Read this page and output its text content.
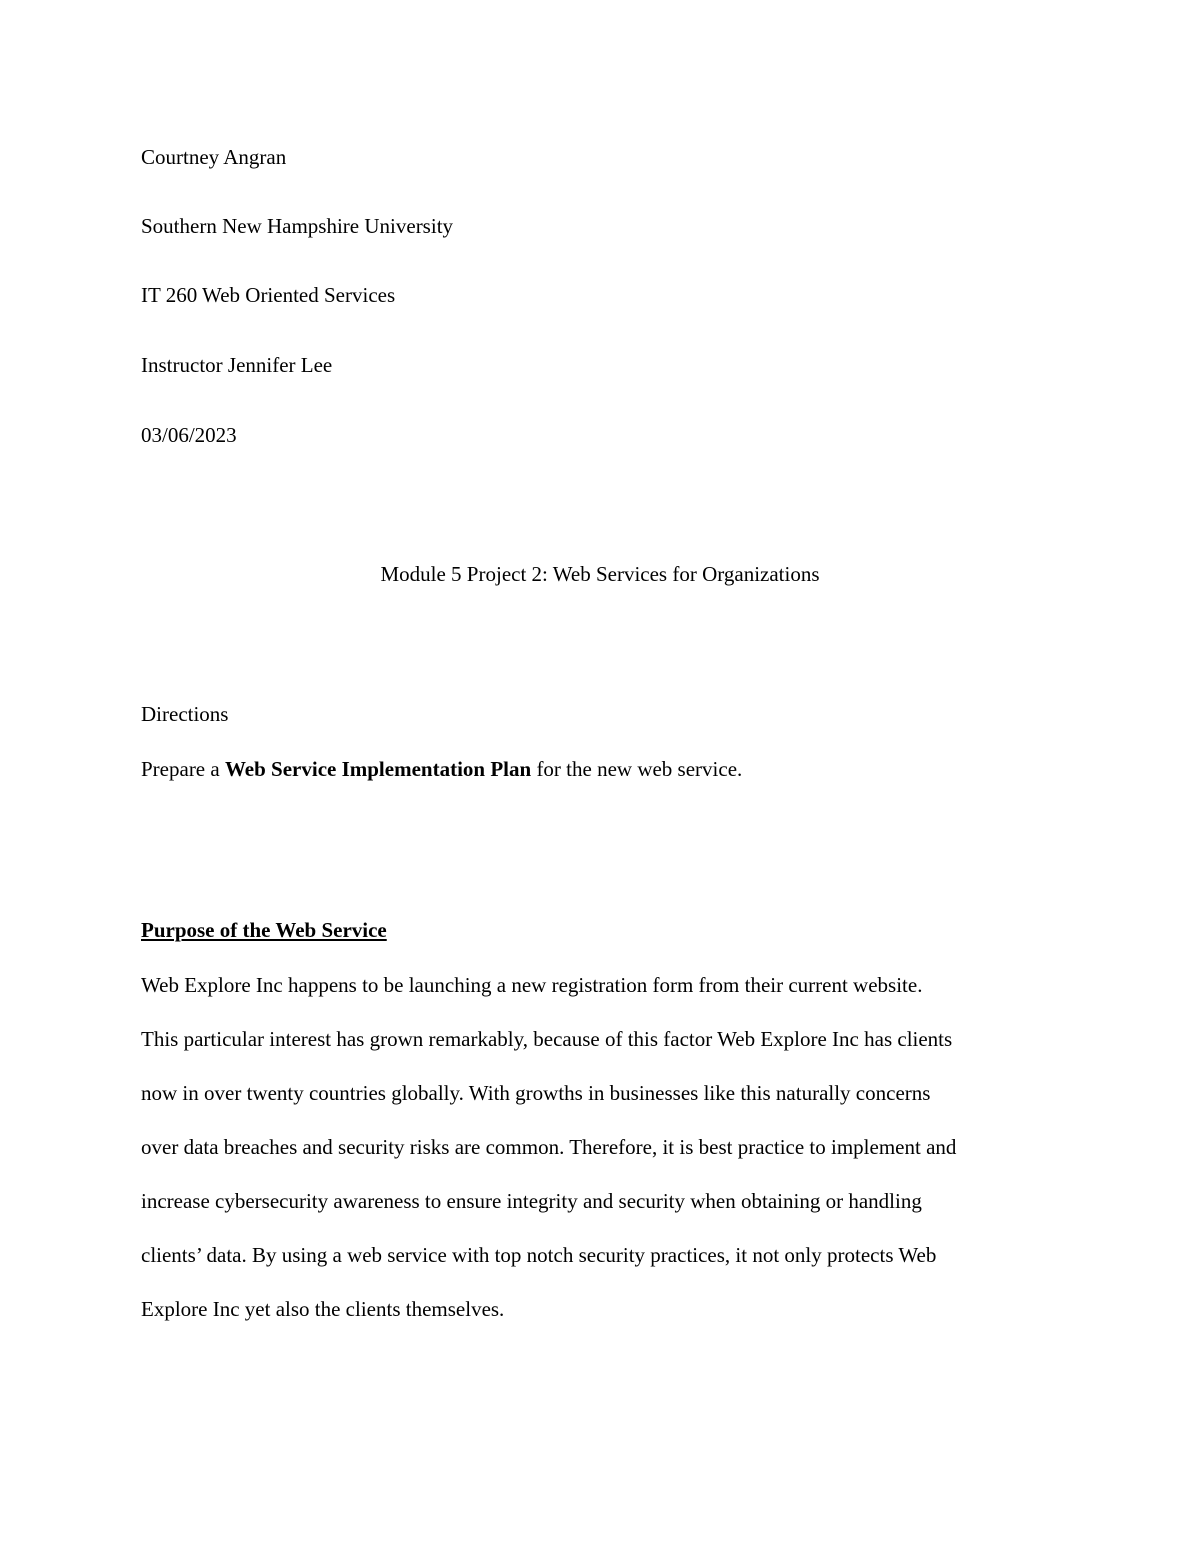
Courtney Angran
Southern New Hampshire University
IT 260 Web Oriented Services
Instructor Jennifer Lee
03/06/2023
Module 5 Project 2: Web Services for Organizations
Directions
Prepare a Web Service Implementation Plan for the new web service.
Purpose of the Web Service
Web Explore Inc happens to be launching a new registration form from their current website.
This particular interest has grown remarkably, because of this factor Web Explore Inc has clients
now in over twenty countries globally. With growths in businesses like this naturally concerns
over data breaches and security risks are common. Therefore, it is best practice to implement and
increase cybersecurity awareness to ensure integrity and security when obtaining or handling
clients’ data. By using a web service with top notch security practices, it not only protects Web
Explore Inc yet also the clients themselves.
